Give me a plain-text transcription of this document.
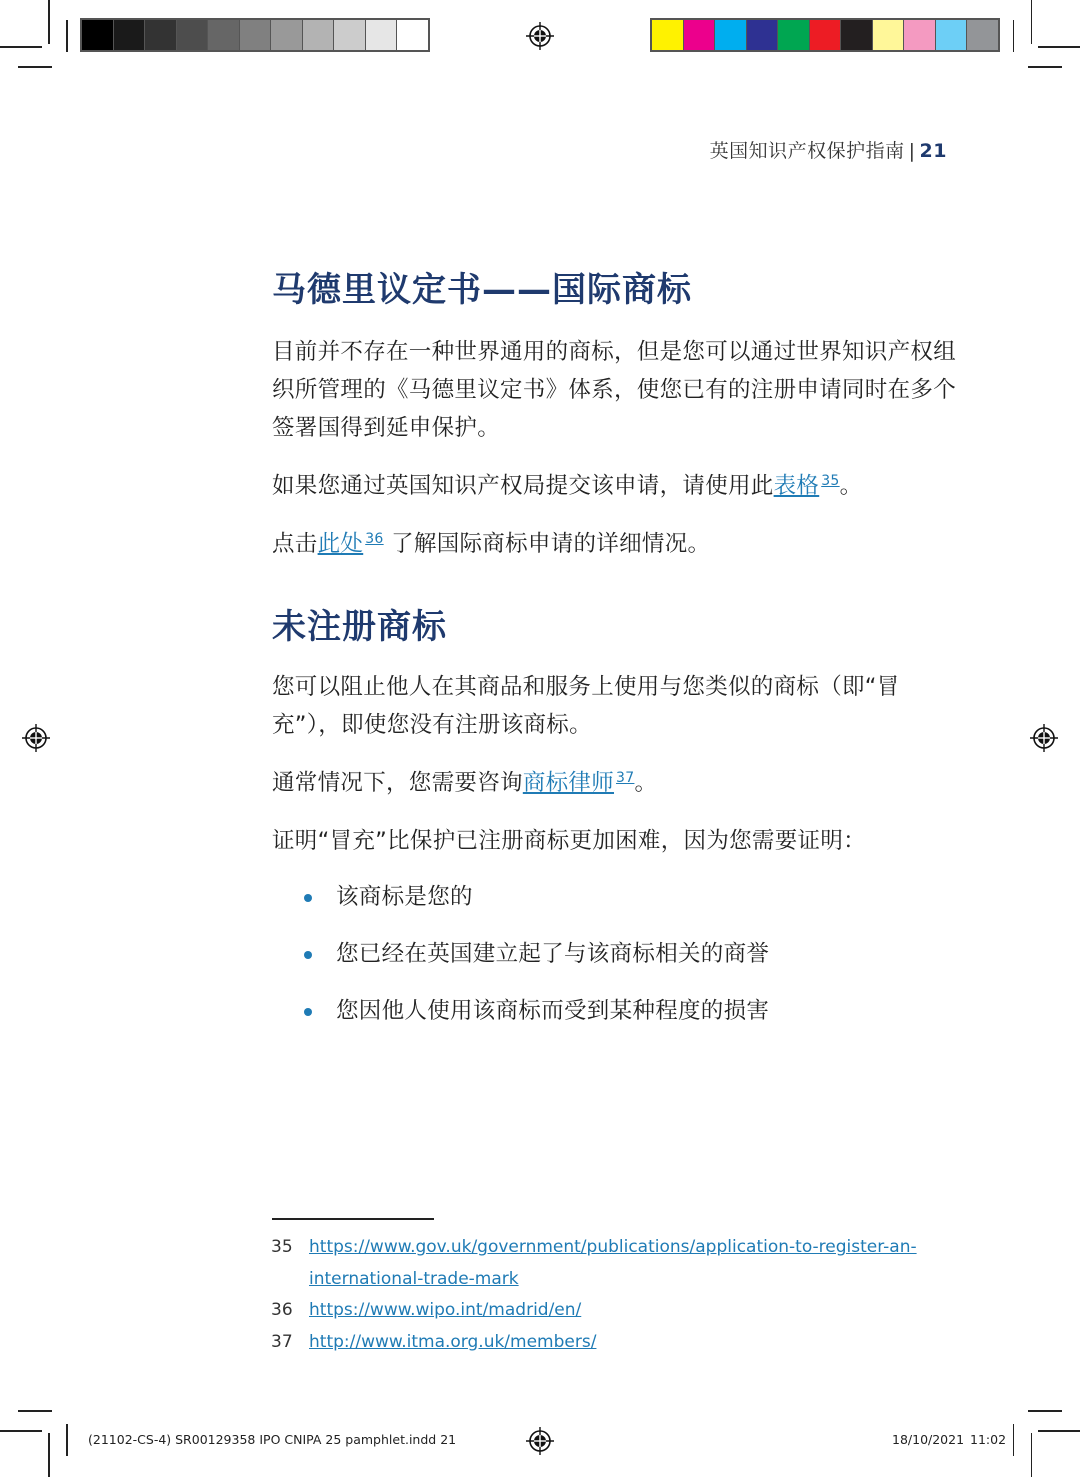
英国知识产权保护指南 | 21
马德里议定书——国际商标

目前并不存在一种世界通用的商标，但是您可以通过世界知识产权组织所管理的《马德里议定书》体系，使您已有的注册申请同时在多个签署国得到延申保护。

如果您通过英国知识产权局提交该申请，请使用此表格 $^{35}$。

点击此处 $^{36}$ 了解国际商标申请的详细情况。

未注册商标

您可以阻止他人在其商品和服务上使用与您类似的商标（即“冒充”），即使您没有注册该商标。

通常情况下，您需要咨询商标律师 $^{37}$。

证明“冒充”比保护已注册商标更加困难，因为您需要证明：

该商标是您的
您已经在英国建立起了与该商标相关的商誉
您因他人使用该商标而受到某种程度的损害
35 https://www.gov.uk/government/publications/application-to-register-an-
international-trade-mark
36 https://www.wipo.int/madrid/en/
37 http://www.itma.org.uk/members/
(21102-CS-4) SR00129358 IPO CNIPA 25 pamphlet.indd 21	18/10/2021 11:02
